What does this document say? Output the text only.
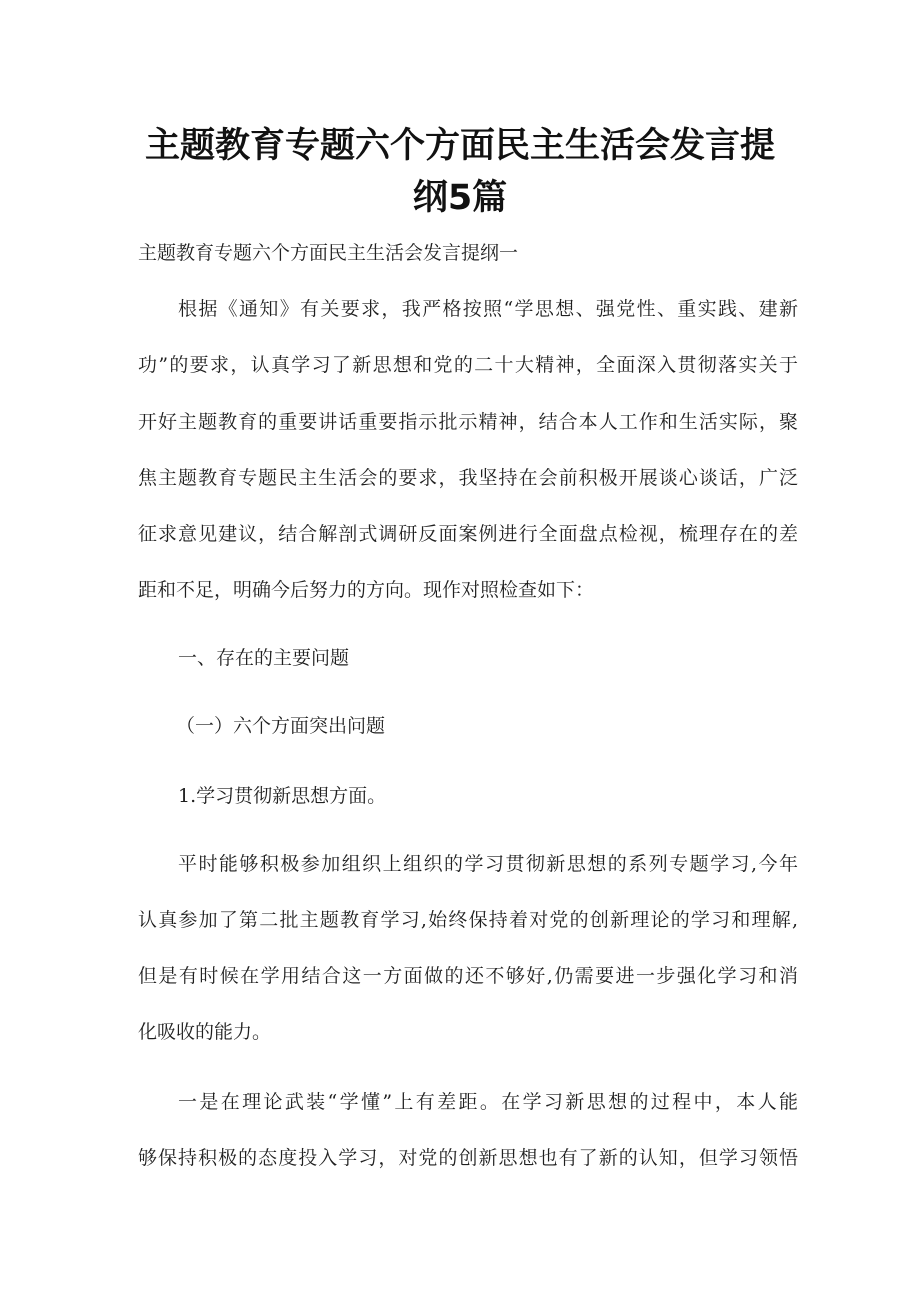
主题教育专题六个方面民主生活会发言提
纲5篇
主题教育专题六个方面民主生活会发言提纲一
根据《通知》有关要求，我严格按照“学思想、强党性、重实践、建新
功”的要求，认真学习了新思想和党的二十大精神，全面深入贯彻落实关于
开好主题教育的重要讲话重要指示批示精神，结合本人工作和生活实际，聚
焦主题教育专题民主生活会的要求，我坚持在会前积极开展谈心谈话，广泛
征求意见建议，结合解剖式调研反面案例进行全面盘点检视，梳理存在的差
距和不足，明确今后努力的方向。现作对照检查如下：
一、存在的主要问题
（一）六个方面突出问题
1.学习贯彻新思想方面。
平时能够积极参加组织上组织的学习贯彻新思想的系列专题学习,今年
认真参加了第二批主题教育学习,始终保持着对党的创新理论的学习和理解,
但是有时候在学用结合这一方面做的还不够好,仍需要进一步强化学习和消
化吸收的能力。
一是在理论武装“学懂”上有差距。在学习新思想的过程中，本人能
够保持积极的态度投入学习，对党的创新思想也有了新的认知，但学习领悟
